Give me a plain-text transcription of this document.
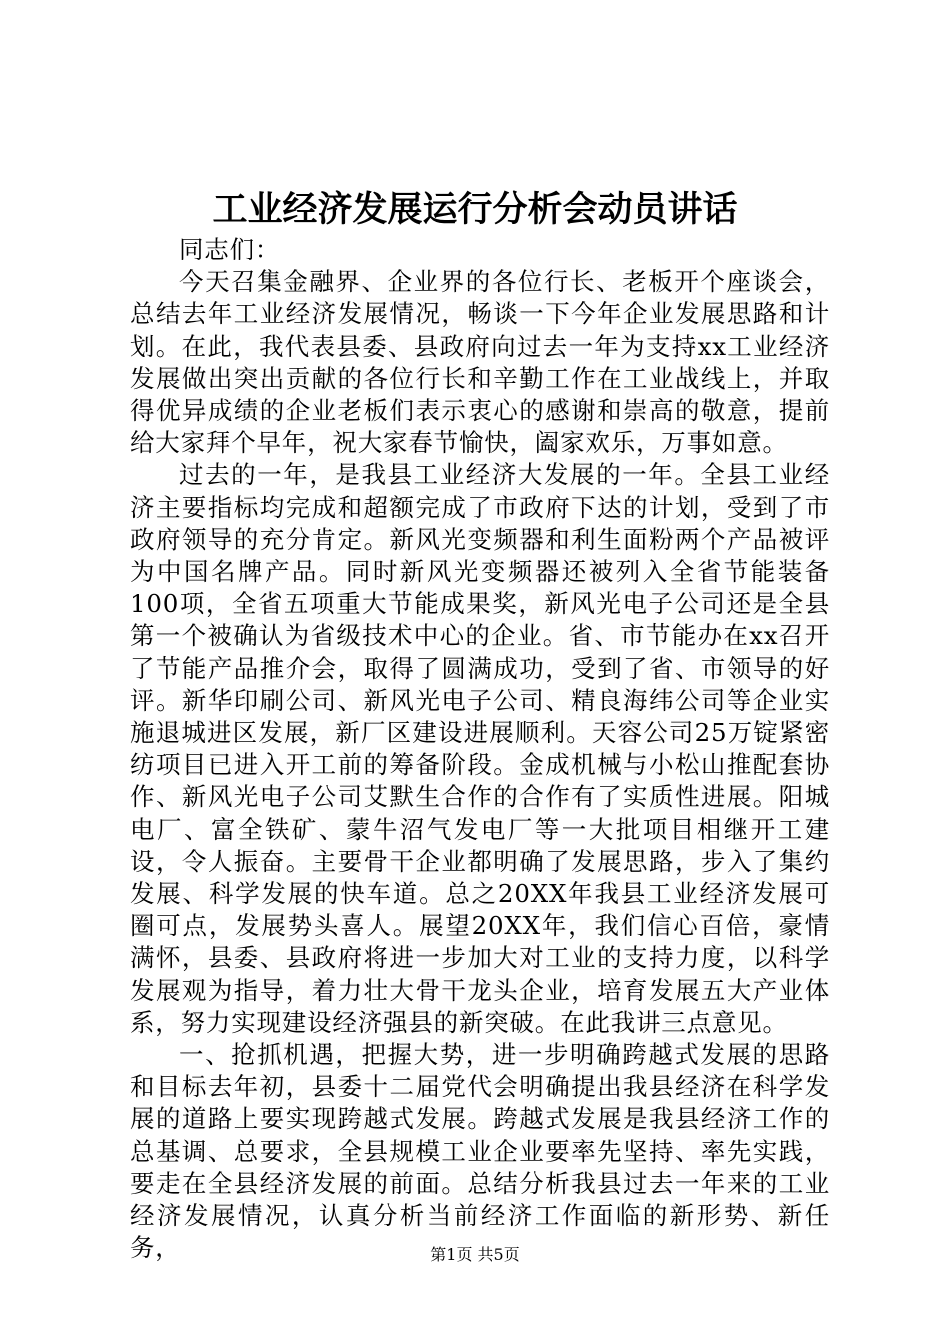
工业经济发展运行分析会动员讲话

同志们：

今天召集金融界、企业界的各位行长、老板开个座谈会，总结去年工业经济发展情况，畅谈一下今年企业发展思路和计划。在此，我代表县委、县政府向过去一年为支持xx工业经济发展做出突出贡献的各位行长和辛勤工作在工业战线上，并取得优异成绩的企业老板们表示衷心的感谢和崇高的敬意，提前给大家拜个早年，祝大家春节愉快，阖家欢乐，万事如意。

过去的一年，是我县工业经济大发展的一年。全县工业经济主要指标均完成和超额完成了市政府下达的计划，受到了市政府领导的充分肯定。新风光变频器和利生面粉两个产品被评为中国名牌产品。同时新风光变频器还被列入全省节能装备100项，全省五项重大节能成果奖，新风光电子公司还是全县第一个被确认为省级技术中心的企业。省、市节能办在xx召开了节能产品推介会，取得了圆满成功，受到了省、市领导的好评。新华印刷公司、新风光电子公司、精良海纬公司等企业实施退城进区发展，新厂区建设进展顺利。天容公司25万锭紧密纺项目已进入开工前的筹备阶段。金成机械与小松山推配套协作、新风光电子公司艾默生合作的合作有了实质性进展。阳城电厂、富全铁矿、蒙牛沼气发电厂等一大批项目相继开工建设，令人振奋。主要骨干企业都明确了发展思路，步入了集约发展、科学发展的快车道。总之20XX年我县工业经济发展可圈可点，发展势头喜人。展望20XX年，我们信心百倍，豪情满怀，县委、县政府将进一步加大对工业的支持力度，以科学发展观为指导，着力壮大骨干龙头企业，培育发展五大产业体系，努力实现建设经济强县的新突破。在此我讲三点意见。

一、抢抓机遇，把握大势，进一步明确跨越式发展的思路和目标去年初，县委十二届党代会明确提出我县经济在科学发展的道路上要实现跨越式发展。跨越式发展是我县经济工作的总基调、总要求，全县规模工业企业要率先坚持、率先实践，要走在全县经济发展的前面。总结分析我县过去一年来的工业经济发展情况，认真分析当前经济工作面临的新形势、新任务，	第1页 共5页
